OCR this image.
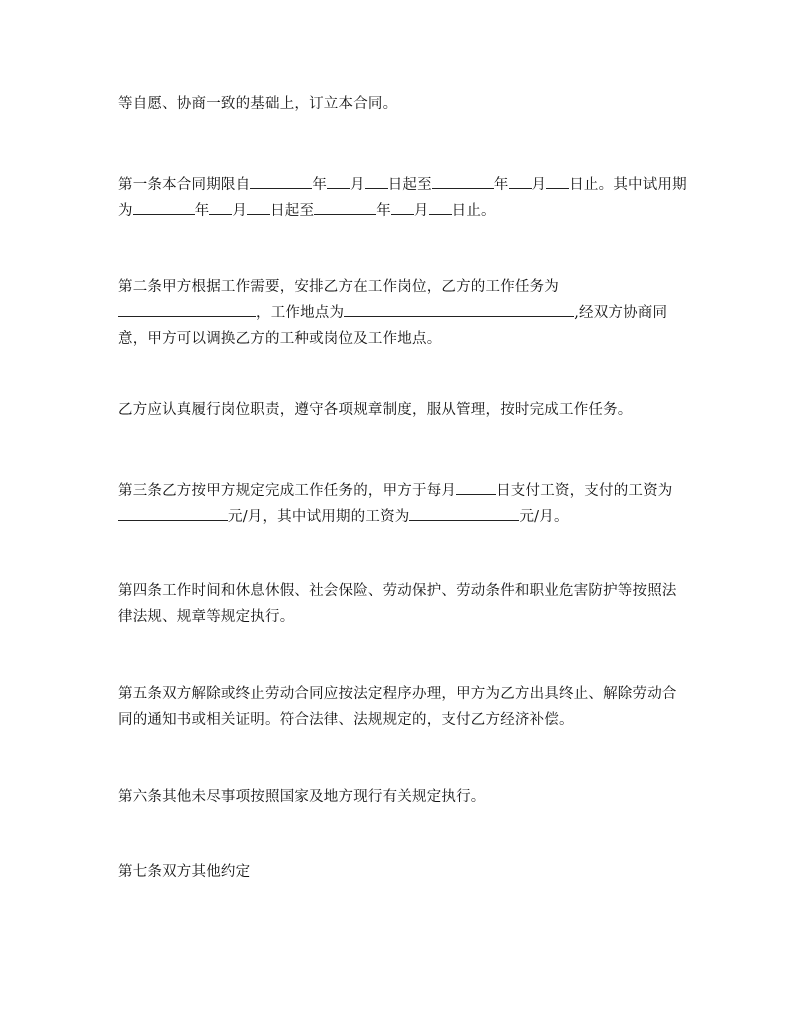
等自愿、协商一致的基础上，订立本合同。

第一条本合同期限自	年 月 日起至	年 月 日止。其中试用期为	年 月 日起至	年 月 日止。

第二条甲方根据工作需要，安排乙方在工作岗位，乙方的工作任务为
，工作地点为	,经双方协商同意，甲方可以调换乙方的工种或岗位及工作地点。

乙方应认真履行岗位职责，遵守各项规章制度，服从管理，按时完成工作任务。

第三条乙方按甲方规定完成工作任务的，甲方于每月	日支付工资，支付的工资为元/月，其中试用期的工资为	元/月。

第四条工作时间和休息休假、社会保险、劳动保护、劳动条件和职业危害防护等按照法律法规、规章等规定执行。

第五条双方解除或终止劳动合同应按法定程序办理，甲方为乙方出具终止、解除劳动合同的通知书或相关证明。符合法律、法规规定的，支付乙方经济补偿。

第六条其他未尽事项按照国家及地方现行有关规定执行。

第七条双方其他约定
